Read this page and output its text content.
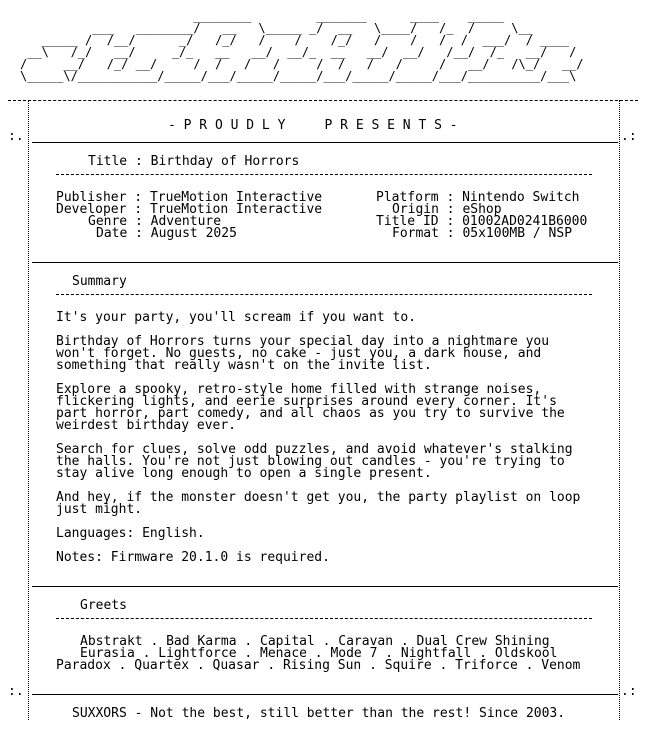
________         _______      ____    _____
___   ________/   __   \_____ _/  __   \____/   /_  /     \__
_____ /  /__/      _/   /_/   /    /    /_/   /    /   /  /  ___/  / ____
__\   /_/   __/     _/_   __   __/  __/_  __   __/  __/   /__/  /_   __/   /
/     __/   /_/ __/     /  /   /   /     /  /   /   /     /   __/   /\_/   __/
\_____\/___________/_____/___/_____/_____/___/_____/_____/___/__________/___\
- P R O U D L Y     P R E S E N T S -
:.	.:
Title : Birthday of Horrors
Publisher : TrueMotion Interactive
Developer : TrueMotion Interactive
Genre : Adventure
Date : August 2025
Platform : Nintendo Switch
Origin : eShop
Title ID : 01002AD0241B6000
Format : 05x100MB / NSP
Summary
It's your party, you'll scream if you want to.
Birthday of Horrors turns your special day into a nightmare you
won't forget. No guests, no cake - just you, a dark house, and
something that really wasn't on the invite list.
Explore a spooky, retro-style home filled with strange noises,
flickering lights, and eerie surprises around every corner. It's
part horror, part comedy, and all chaos as you try to survive the
weirdest birthday ever.
Search for clues, solve odd puzzles, and avoid whatever's stalking
the halls. You're not just blowing out candles - you're trying to
stay alive long enough to open a single present.
And hey, if the monster doesn't get you, the party playlist on loop
just might.
Languages: English.
Notes: Firmware 20.1.0 is required.
Greets
Abstrakt . Bad Karma . Capital . Caravan . Dual Crew Shining
Eurasia . Lightforce . Menace . Mode 7 . Nightfall . Oldskool
Paradox . Quartex . Quasar . Rising Sun . Squire . Triforce . Venom
:.	.:
SUXXORS - Not the best, still better than the rest! Since 2003.
